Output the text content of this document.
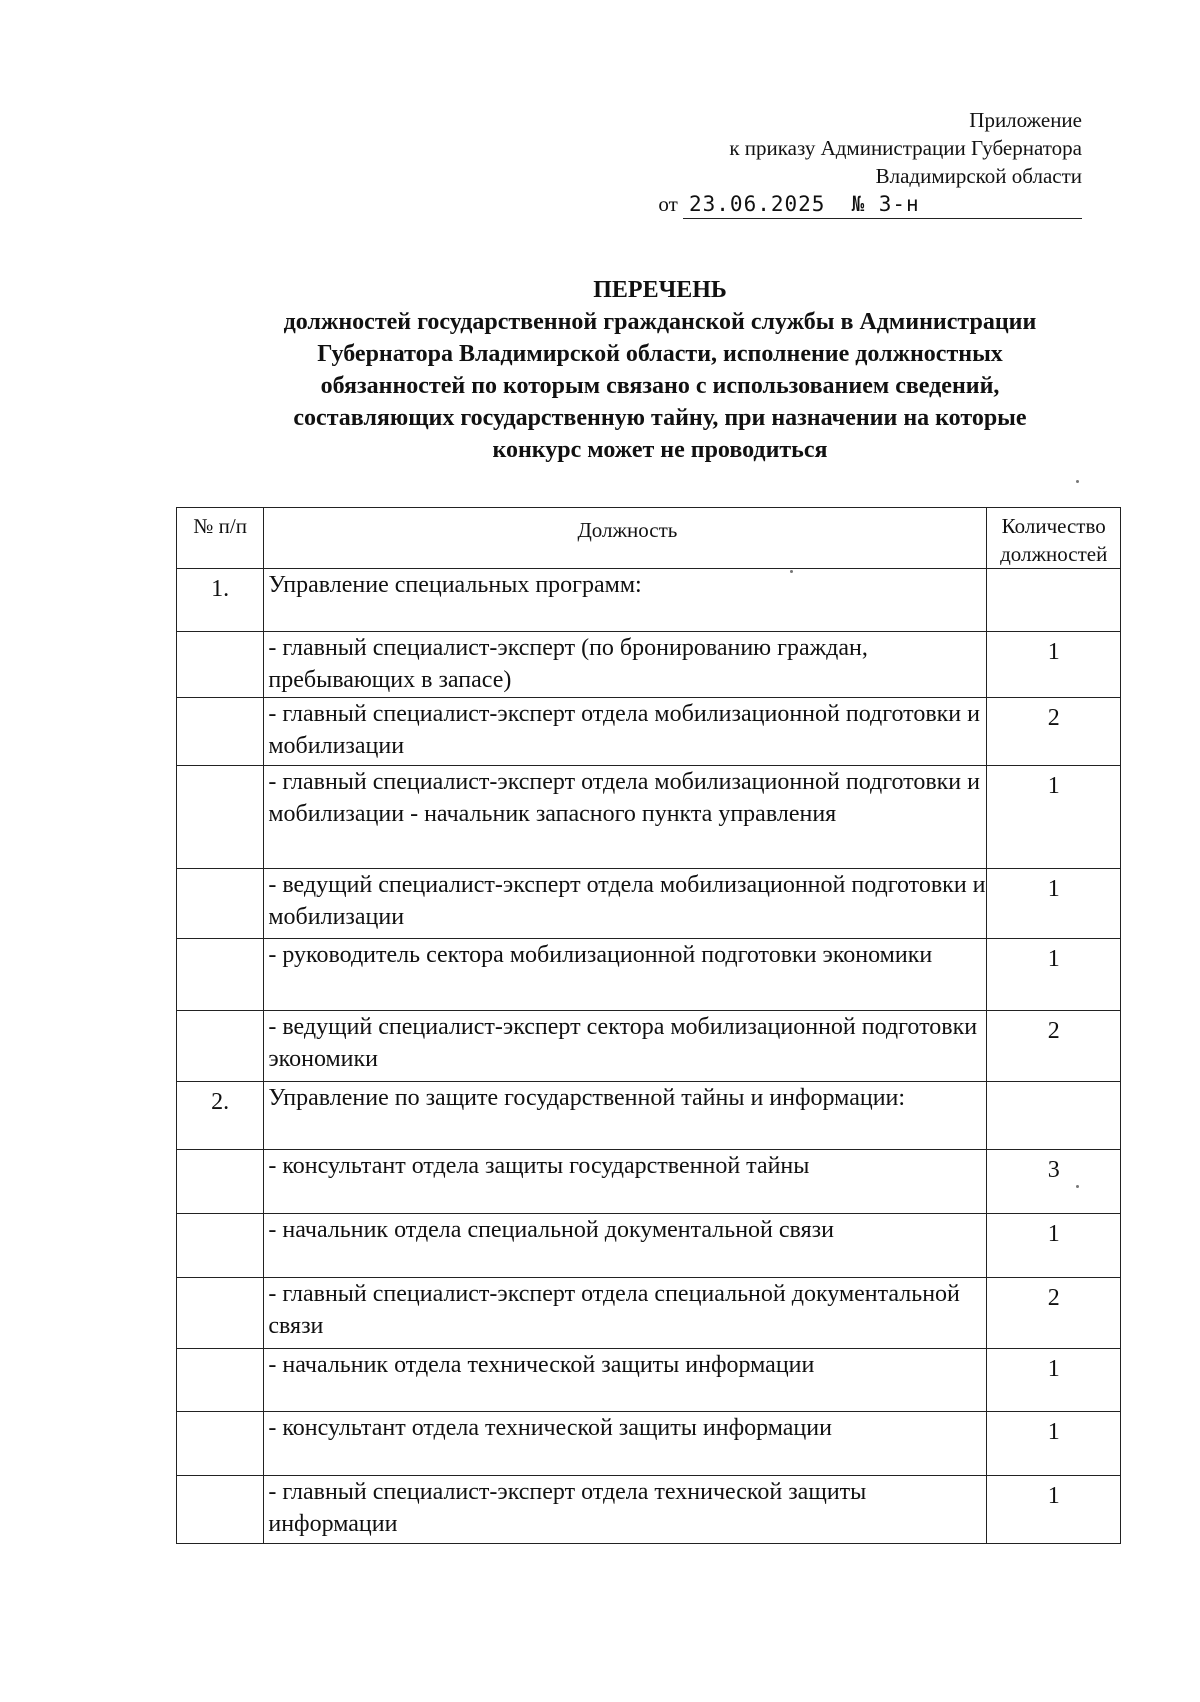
Приложение
к приказу Администрации Губернатора
Владимирской области
от 23.06.2025 № 3-н
ПЕРЕЧЕНЬ
должностей государственной гражданской службы в Администрации
Губернатора Владимирской области, исполнение должностных
обязанностей по которым связано с использованием сведений,
составляющих государственную тайну, при назначении на которые
конкурс может не проводиться
№ п/п	Должность	Количество
должностей
1.	Управление специальных программ:	
	- главный специалист-эксперт (по бронированию граждан, пребывающих в запасе)	1
	- главный специалист-эксперт отдела мобилизационной подготовки и мобилизации	2
	- главный специалист-эксперт отдела мобилизационной подготовки и мобилизации - начальник запасного пункта управления	1
	- ведущий специалист-эксперт отдела мобилизационной подготовки и мобилизации	1
	- руководитель сектора мобилизационной подготовки экономики	1
	- ведущий специалист-эксперт сектора мобилизационной подготовки экономики	2
2.	Управление по защите государственной тайны и информации:	
	- консультант отдела защиты государственной тайны	3
	- начальник отдела специальной документальной связи	1
	- главный специалист-эксперт отдела специальной документальной связи	2
	- начальник отдела технической защиты информации	1
	- консультант отдела технической защиты информации	1
	- главный специалист-эксперт отдела технической защиты информации	1
